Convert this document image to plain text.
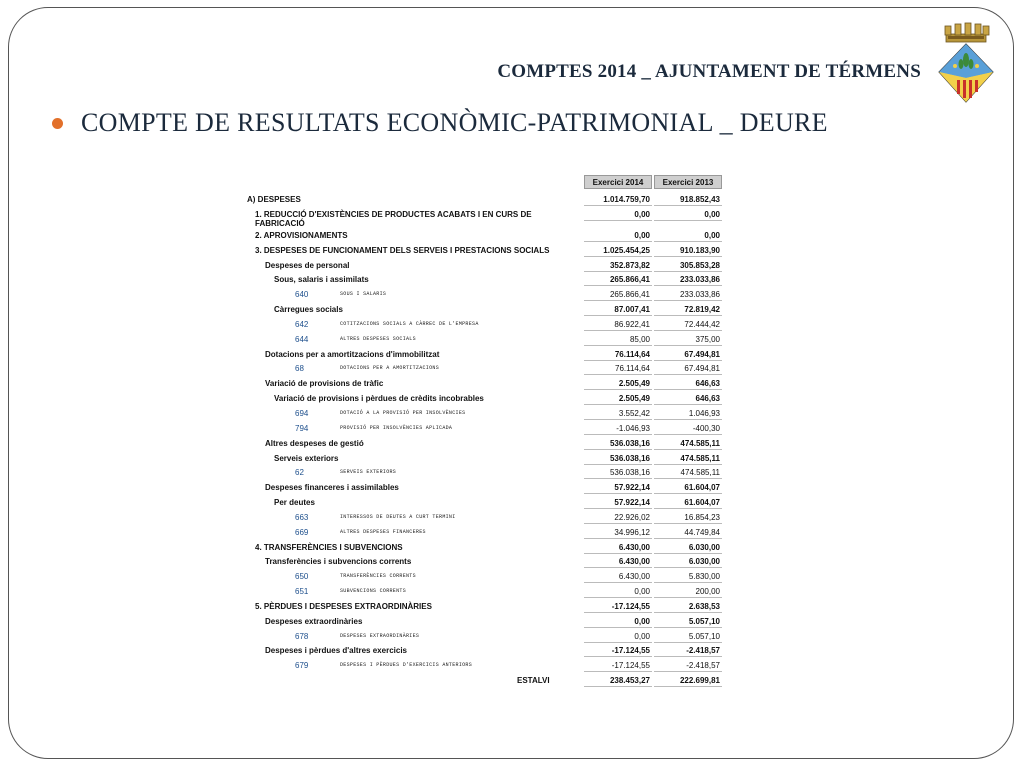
COMPTES 2014 _ AJUNTAMENT DE TÉRMENS
COMPTE DE RESULTATS ECONÒMIC-PATRIMONIAL _ DEURE
Exercici 2014	Exercici 2013
A) DESPESES	1.014.759,70	918.852,43
1. REDUCCIÓ D'EXISTÈNCIES DE PRODUCTES ACABATS I EN CURS DE FABRICACIÓ
0,00	0,00
2. APROVISIONAMENTS	0,00	0,00
3. DESPESES DE FUNCIONAMENT DELS SERVEIS I PRESTACIONS SOCIALS	1.025.454,25	910.183,90
Despeses de personal	352.873,82	305.853,28
Sous, salaris i assimilats	265.866,41	233.033,86
640	SOUS I SALARIS	265.866,41	233.033,86
Càrregues socials	87.007,41	72.819,42
642	COTITZACIONS SOCIALS A CÀRREC DE L'EMPRESA	86.922,41	72.444,42
644	ALTRES DESPESES SOCIALS	85,00	375,00
Dotacions per a amortitzacions d'immobilitzat	76.114,64	67.494,81
68	DOTACIONS PER A AMORTITZACIONS	76.114,64	67.494,81
Variació de provisions de tràfic	2.505,49	646,63
Variació de provisions i pèrdues de crèdits incobrables	2.505,49	646,63
694	DOTACIÓ A LA PROVISIÓ PER INSOLVÈNCIES	3.552,42	1.046,93
794	PROVISIÓ PER INSOLVÈNCIES APLICADA	-1.046,93	-400,30
Altres despeses de gestió	536.038,16	474.585,11
Serveis exteriors	536.038,16	474.585,11
62	SERVEIS EXTERIORS	536.038,16	474.585,11
Despeses financeres i assimilables	57.922,14	61.604,07
Per deutes	57.922,14	61.604,07
663	INTERESSOS DE DEUTES A CURT TERMINI	22.926,02	16.854,23
669	ALTRES DESPESES FINANCERES	34.996,12	44.749,84
4. TRANSFERÈNCIES I SUBVENCIONS	6.430,00	6.030,00
Transferències i subvencions corrents	6.430,00	6.030,00
650	TRANSFERÈNCIES CORRENTS	6.430,00	5.830,00
651	SUBVENCIONS CORRENTS	0,00	200,00
5. PÈRDUES I DESPESES EXTRAORDINÀRIES	-17.124,55	2.638,53
Despeses extraordinàries	0,00	5.057,10
678	DESPESES EXTRAORDINÀRIES	0,00	5.057,10
Despeses i pèrdues d'altres exercicis	-17.124,55	-2.418,57
679	DESPESES I PÈRDUES D'EXERCICIS ANTERIORS	-17.124,55	-2.418,57
ESTALVI	238.453,27	222.699,81
